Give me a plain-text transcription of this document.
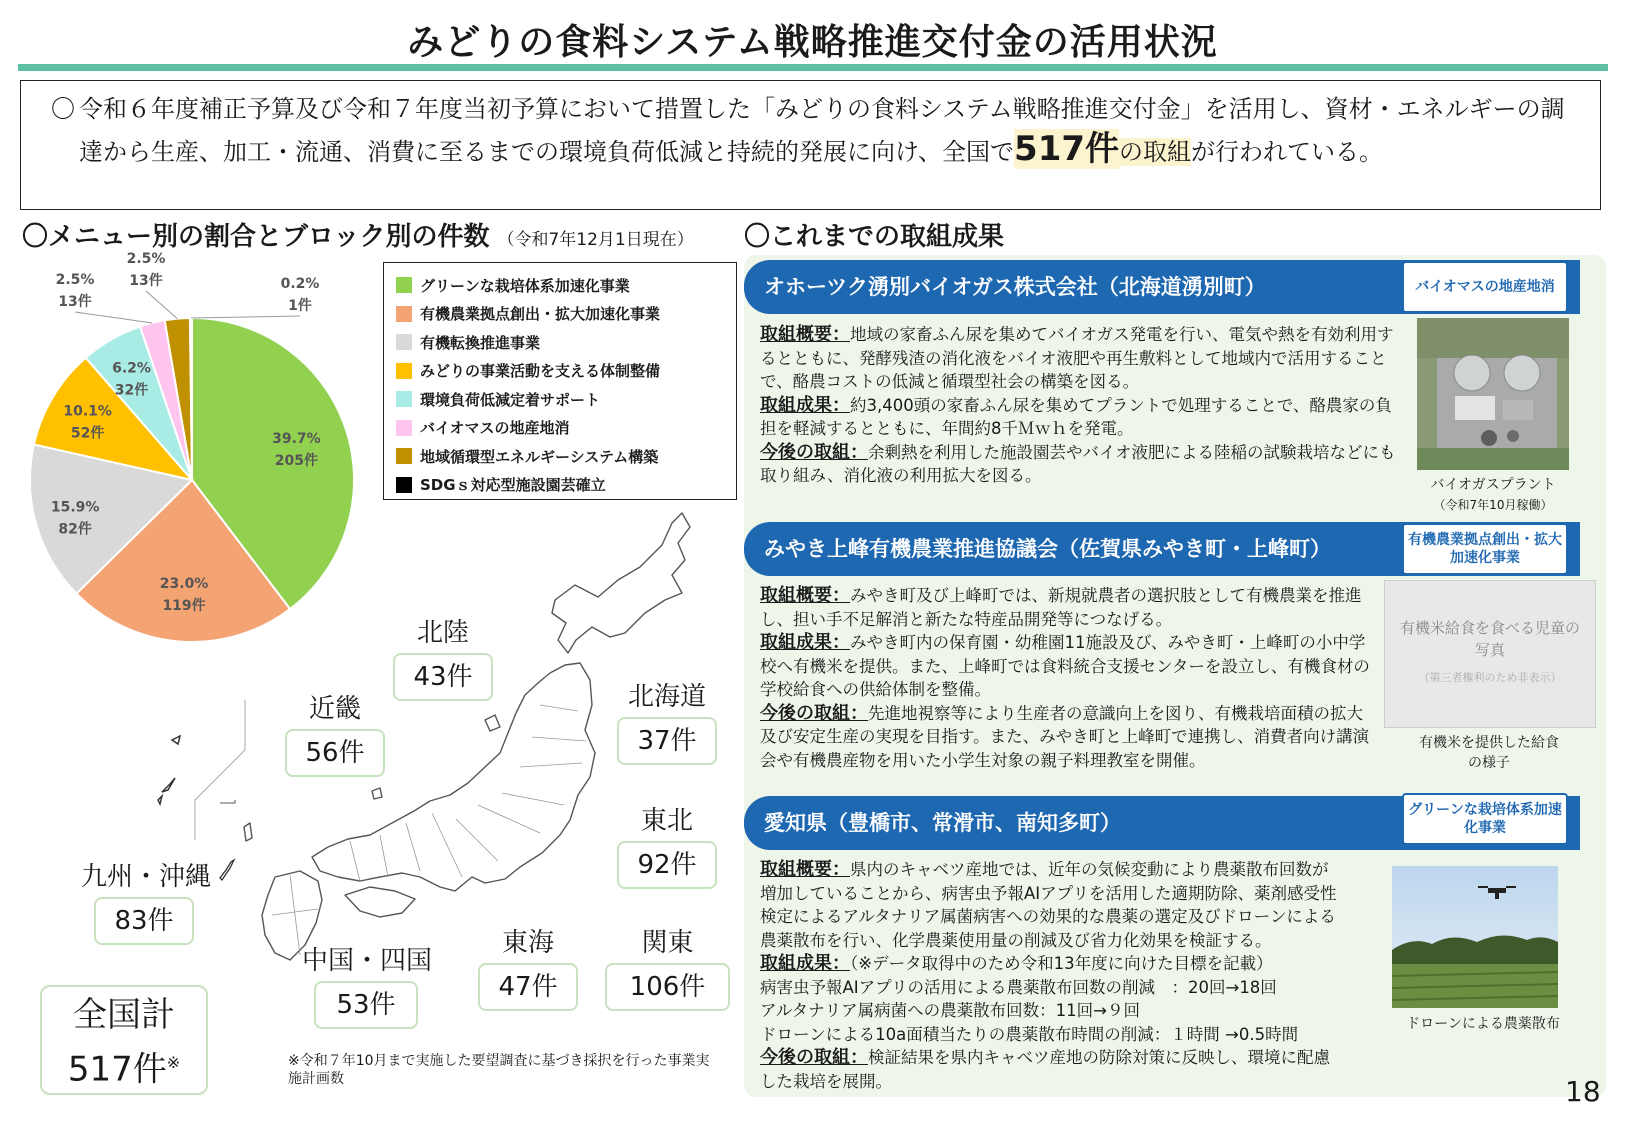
みどりの食料システム戦略推進交付金の活用状況
〇 令和６年度補正予算及び令和７年度当初予算において措置した「みどりの食料システム戦略推進交付金」を活用し、資材・エネルギーの調達から生産、加工・流通、消費に至るまでの環境負荷低減と持続的発展に向け、全国で517件の取組が行われている。
〇メニュー別の割合とブロック別の件数 （令和7年12月1日現在） 〇これまでの取組成果
39.7%
205件
23.0%
119件
15.9%
82件
10.1%
52件
6.2%
32件
2.5%
13件
2.5%
13件	0.2%
1件
グリーンな栽培体系加速化事業
有機農業拠点創出・拡大加速化事業
有機転換推進事業
みどりの事業活動を支える体制整備
環境負荷低減定着サポート
バイオマスの地産地消
地域循環型エネルギーシステム構築
SDGｓ対応型施設園芸確立
北陸
43件
近畿
56件
北海道
37件
東北
92件
九州・沖縄
83件
中国・四国
53件
東海
47件
関東
106件
全国計
517件※	※令和７年10月まで実施した要望調査に基づき採択を行った事業実施計画数
オホーツク湧別バイオガス株式会社（北海道湧別町）	バイオマスの地産地消
取組概要：地域の家畜ふん尿を集めてバイオガス発電を行い、電気や熱を有効利用するとともに、発酵残渣の消化液をバイオ液肥や再生敷料として地域内で活用することで、酪農コストの低減と循環型社会の構築を図る。
取組成果：約3,400頭の家畜ふん尿を集めてプラントで処理することで、酪農家の負担を軽減するとともに、年間約8千Ｍｗｈを発電。
今後の取組：余剰熱を利用した施設園芸やバイオ液肥による陸稲の試験栽培などにも取り組み、消化液の利用拡大を図る。	バイオガスプラント
（令和7年10月稼働）
みやき上峰有機農業推進協議会（佐賀県みやき町・上峰町）	有機農業拠点創出・拡大加速化事業
取組概要：みやき町及び上峰町では、新規就農者の選択肢として有機農業を推進し、担い手不足解消と新たな特産品開発等につなげる。
取組成果：みやき町内の保育園・幼稚園11施設及び、みやき町・上峰町の小中学校へ有機米を提供。また、上峰町では食料統合支援センターを設立し、有機食材の学校給食への供給体制を整備。
今後の取組：先進地視察等により生産者の意識向上を図り、有機栽培面積の拡大及び安定生産の実現を目指す。また、みやき町と上峰町で連携し、消費者向け講演会や有機農産物を用いた小学生対象の親子料理教室を開催。
有機米給食を食べる児童の写真
（第三者権利のため非表示）
有機米を提供した給食の様子
愛知県（豊橋市、常滑市、南知多町）
グリーンな栽培体系加速化事業
取組概要：県内のキャベツ産地では、近年の気候変動により農薬散布回数が増加していることから、病害虫予報AIアプリを活用した適期防除、薬剤感受性検定によるアルタナリア属菌病害への効果的な農薬の選定及びドローンによる農薬散布を行い、化学農薬使用量の削減及び省力化効果を検証する。
取組成果：（※データ取得中のため令和13年度に向けた目標を記載）
病害虫予報AIアプリの活用による農薬散布回数の削減　：20回→18回
アルタナリア属病菌への農薬散布回数：11回→９回
ドローンによる10a面積当たりの農薬散布時間の削減：１時間 →0.5時間
今後の取組：検証結果を県内キャベツ産地の防除対策に反映し、環境に配慮した栽培を展開。
ドローンによる農薬散布
18
